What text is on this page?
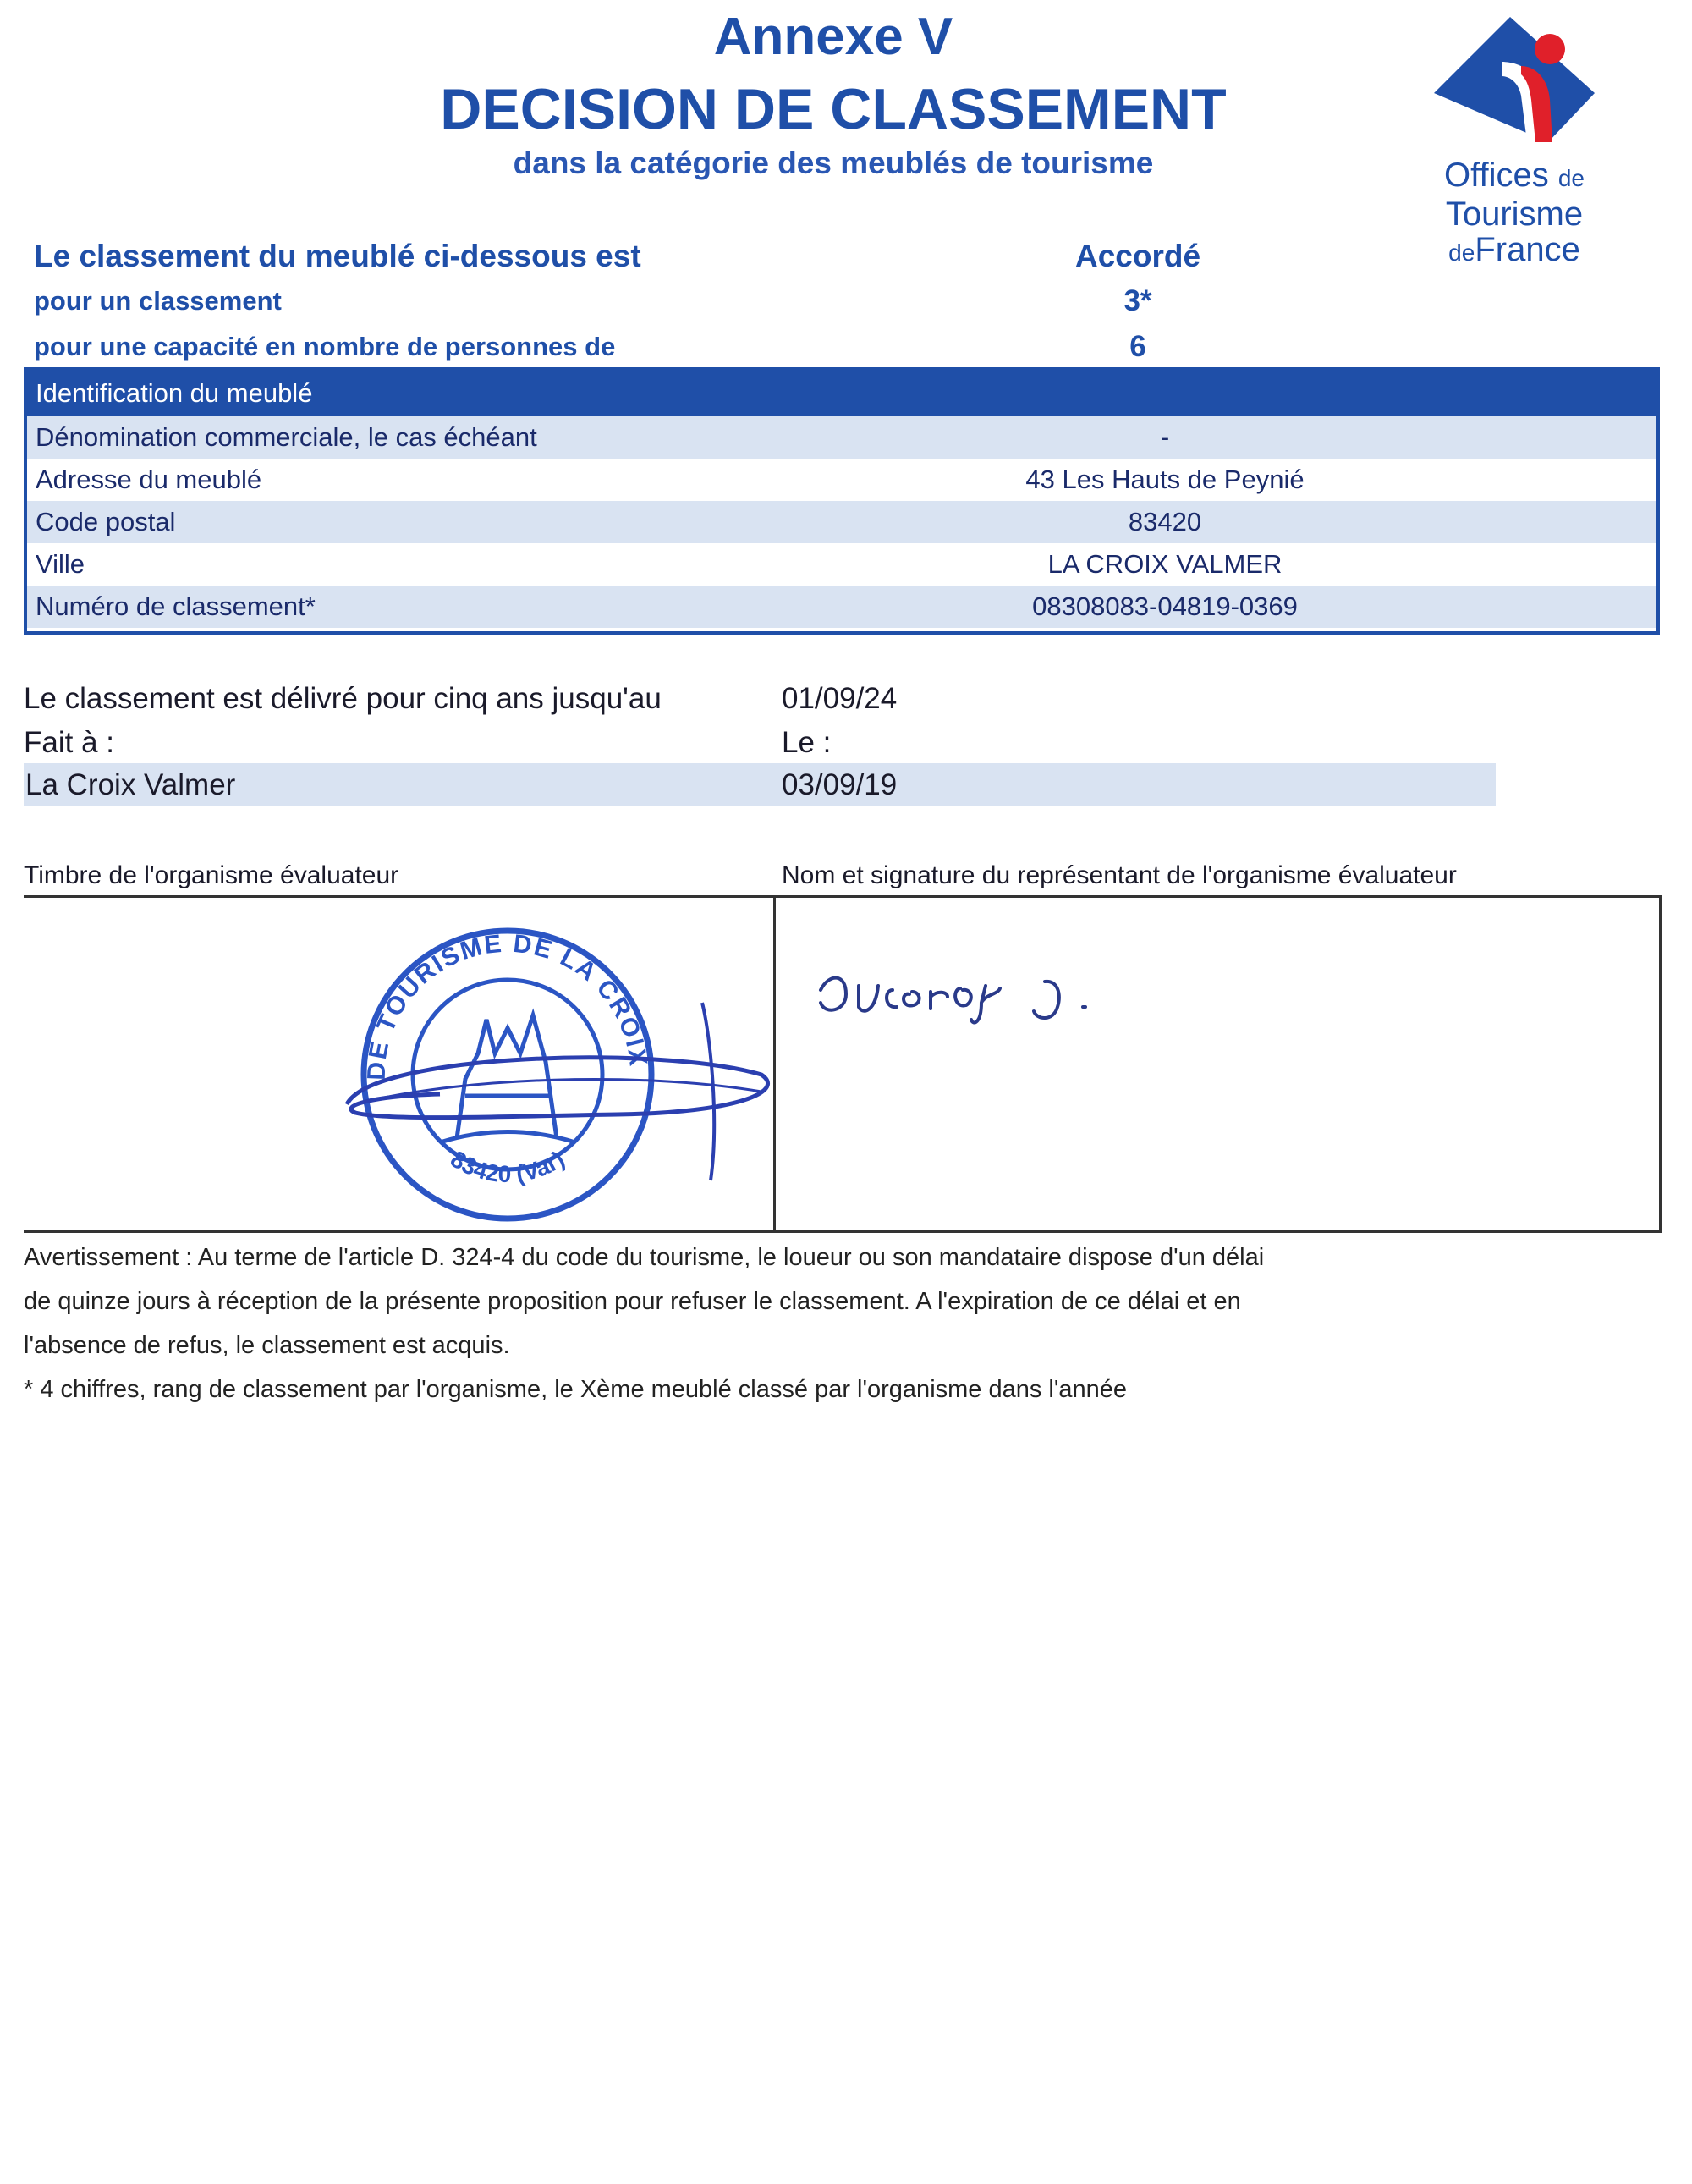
Annexe V
DECISION DE CLASSEMENT
dans la catégorie des meublés de tourisme	Offices de
Tourisme
deFrance
Le classement du meublé ci-dessous est	Accordé
pour un classement	3*
pour une capacité en nombre de personnes de	6
Identification du meublé
Dénomination commerciale, le cas échéant	-
Adresse du meublé	43 Les Hauts de Peynié
Code postal	83420
Ville	LA CROIX VALMER
Numéro de classement*	08308083-04819-0369
Le classement est délivré pour cinq ans jusqu'au	01/09/24
Fait à :	Le :
La Croix Valmer	03/09/19
Timbre de l'organisme évaluateur	Nom et signature du représentant de l'organisme évaluateur
DE TOURISME DE LA CROIX
83420 (Var)
Avertissement : Au terme de l'article D. 324-4 du code du tourisme, le loueur ou son mandataire dispose d'un délai
de quinze jours à réception de la présente proposition pour refuser le classement. A l'expiration de ce délai et en
l'absence de refus, le classement est acquis.
* 4 chiffres, rang de classement par l'organisme, le Xème meublé classé par l'organisme dans l'année
